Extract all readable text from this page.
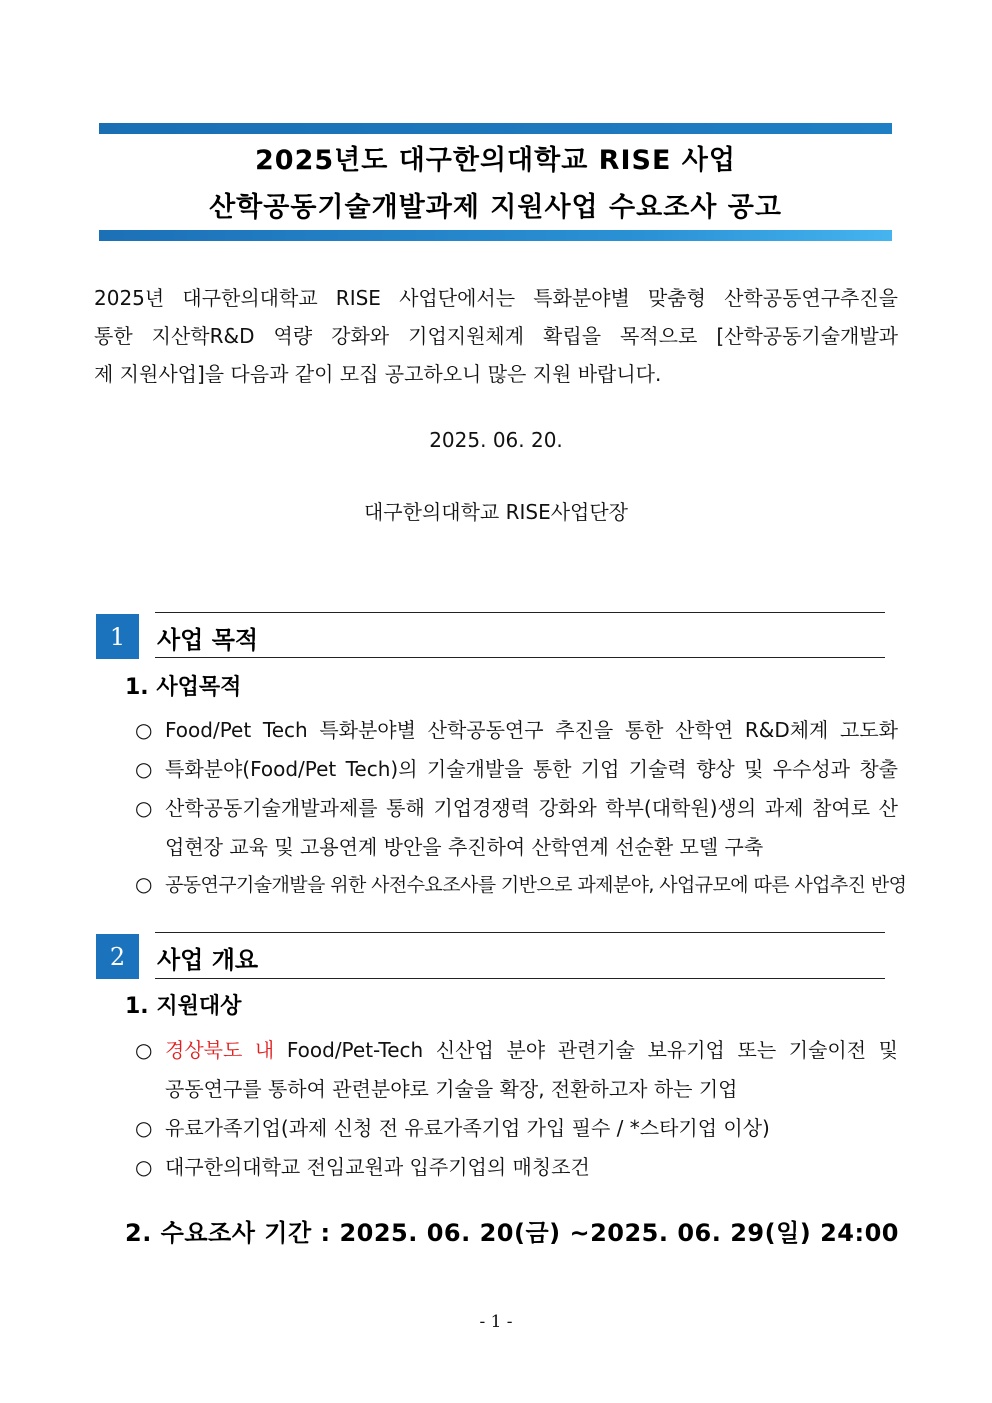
2025년도 대구한의대학교 RISE 사업
산학공동기술개발과제 지원사업 수요조사 공고
2025년 대구한의대학교 RISE 사업단에서는 특화분야별 맞춤형 산학공동연구추진을
통한 지산학R&D 역량 강화와 기업지원체계 확립을 목적으로 [산학공동기술개발과
제 지원사업]을 다음과 같이 모집 공고하오니 많은 지원 바랍니다.
2025. 06. 20.
대구한의대학교 RISE사업단장
1	사업 목적
1. 사업목적
○ Food/Pet Tech 특화분야별 산학공동연구 추진을 통한 산학연 R&D체계 고도화
○ 특화분야(Food/Pet Tech)의 기술개발을 통한 기업 기술력 향상 및 우수성과 창출
○ 산학공동기술개발과제를 통해 기업경쟁력 강화와 학부(대학원)생의 과제 참여로 산
업현장 교육 및 고용연계 방안을 추진하여 산학연계 선순환 모델 구축
○ 공동연구기술개발을 위한 사전수요조사를 기반으로 과제분야, 사업규모에 따른 사업추진 반영
2	사업 개요
1. 지원대상
○ 경상북도 내 Food/Pet-Tech 신산업 분야 관련기술 보유기업 또는 기술이전 및
공동연구를 통하여 관련분야로 기술을 확장, 전환하고자 하는 기업
○ 유료가족기업(과제 신청 전 유료가족기업 가입 필수 / *스타기업 이상)
○ 대구한의대학교 전임교원과 입주기업의 매칭조건
2. 수요조사 기간 : 2025. 06. 20(금) ~2025. 06. 29(일) 24:00
- 1 -
